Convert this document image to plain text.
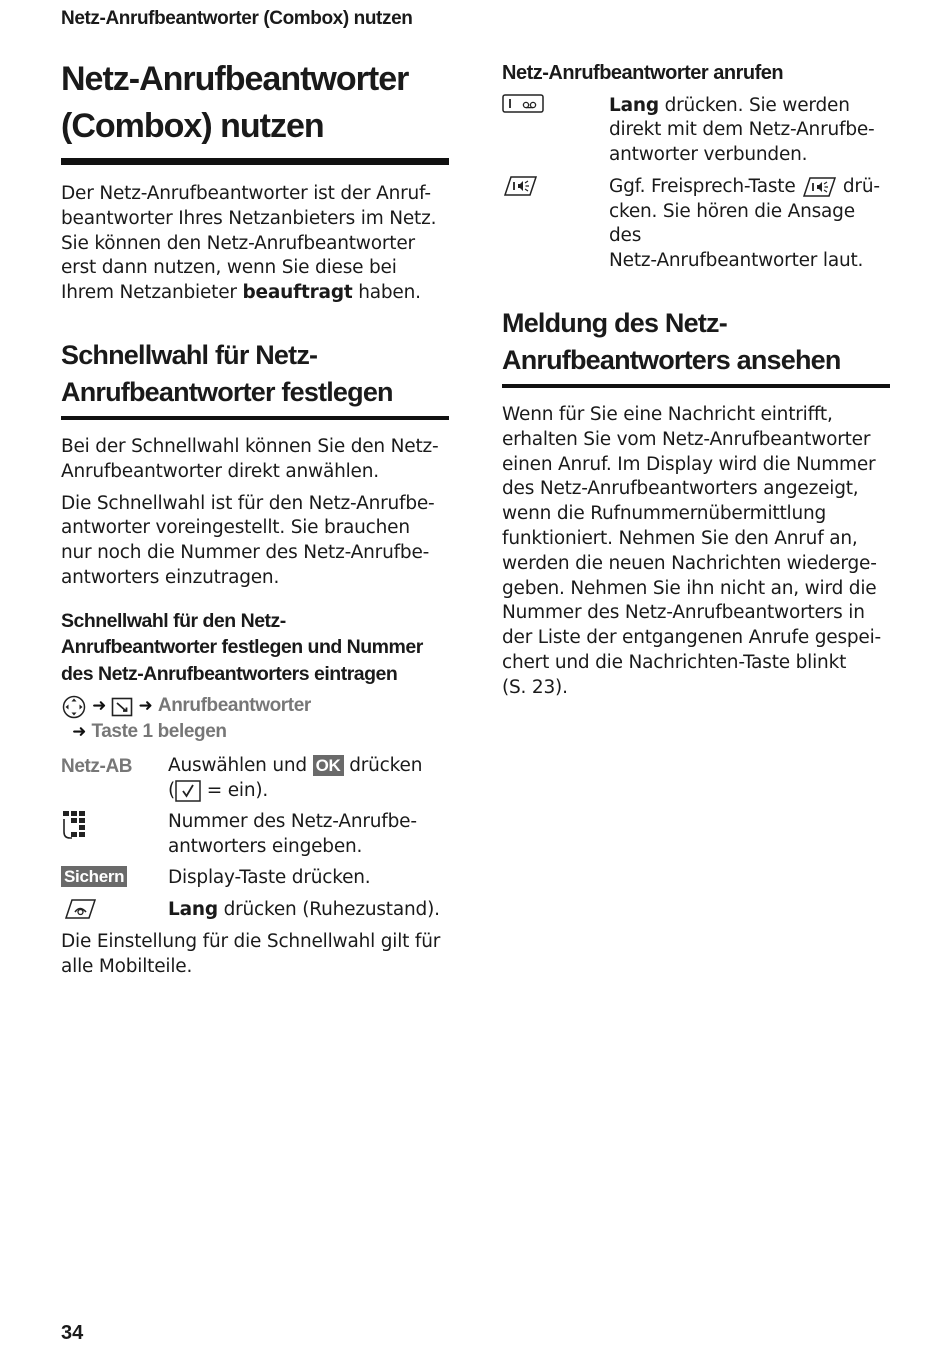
Netz-Anrufbeantworter (Combox) nutzen
Netz-Anrufbeantworter
(Combox) nutzen

Der Netz-Anrufbeantworter ist der Anruf-
beantworter Ihres Netzanbieters im Netz.
Sie können den Netz-Anrufbeantworter
erst dann nutzen, wenn Sie diese bei
Ihrem Netzanbieter beauftragt haben.

Schnellwahl für Netz-
Anrufbeantworter festlegen

Bei der Schnellwahl können Sie den Netz-
Anrufbeantworter direkt anwählen.

Die Schnellwahl ist für den Netz-Anrufbe-
antworter voreingestellt. Sie brauchen
nur noch die Nummer des Netz-Anrufbe-
antworters einzutragen.

Schnellwahl für den Netz-
Anrufbeantworter festlegen und Nummer
des Netz-Anrufbeantworters eintragen
➜ ➜ Anrufbeantworter
➜ Taste 1 belegen
Netz-AB	Auswählen und OK drücken
( = ein).
Nummer des Netz-Anrufbe-
antworters eingeben.
Sichern	Display-Taste drücken.
Lang drücken (Ruhezustand).

Die Einstellung für die Schnellwahl gilt für
alle Mobilteile.

Netz-Anrufbeantworter anrufen
Lang drücken. Sie werden
direkt mit dem Netz-Anrufbe-
antworter verbunden.
Ggf. Freisprech-Taste  drü-
cken. Sie hören die Ansage des
Netz-Anrufbeantworter laut.
Meldung des Netz-
Anrufbeantworters ansehen

Wenn für Sie eine Nachricht eintrifft,
erhalten Sie vom Netz-Anrufbeantworter
einen Anruf. Im Display wird die Nummer
des Netz-Anrufbeantworters angezeigt,
wenn die Rufnummernübermittlung
funktioniert. Nehmen Sie den Anruf an,
werden die neuen Nachrichten wiederge-
geben. Nehmen Sie ihn nicht an, wird die
Nummer des Netz-Anrufbeantworters in
der Liste der entgangenen Anrufe gespei-
chert und die Nachrichten-Taste blinkt
(S. 23).

34
